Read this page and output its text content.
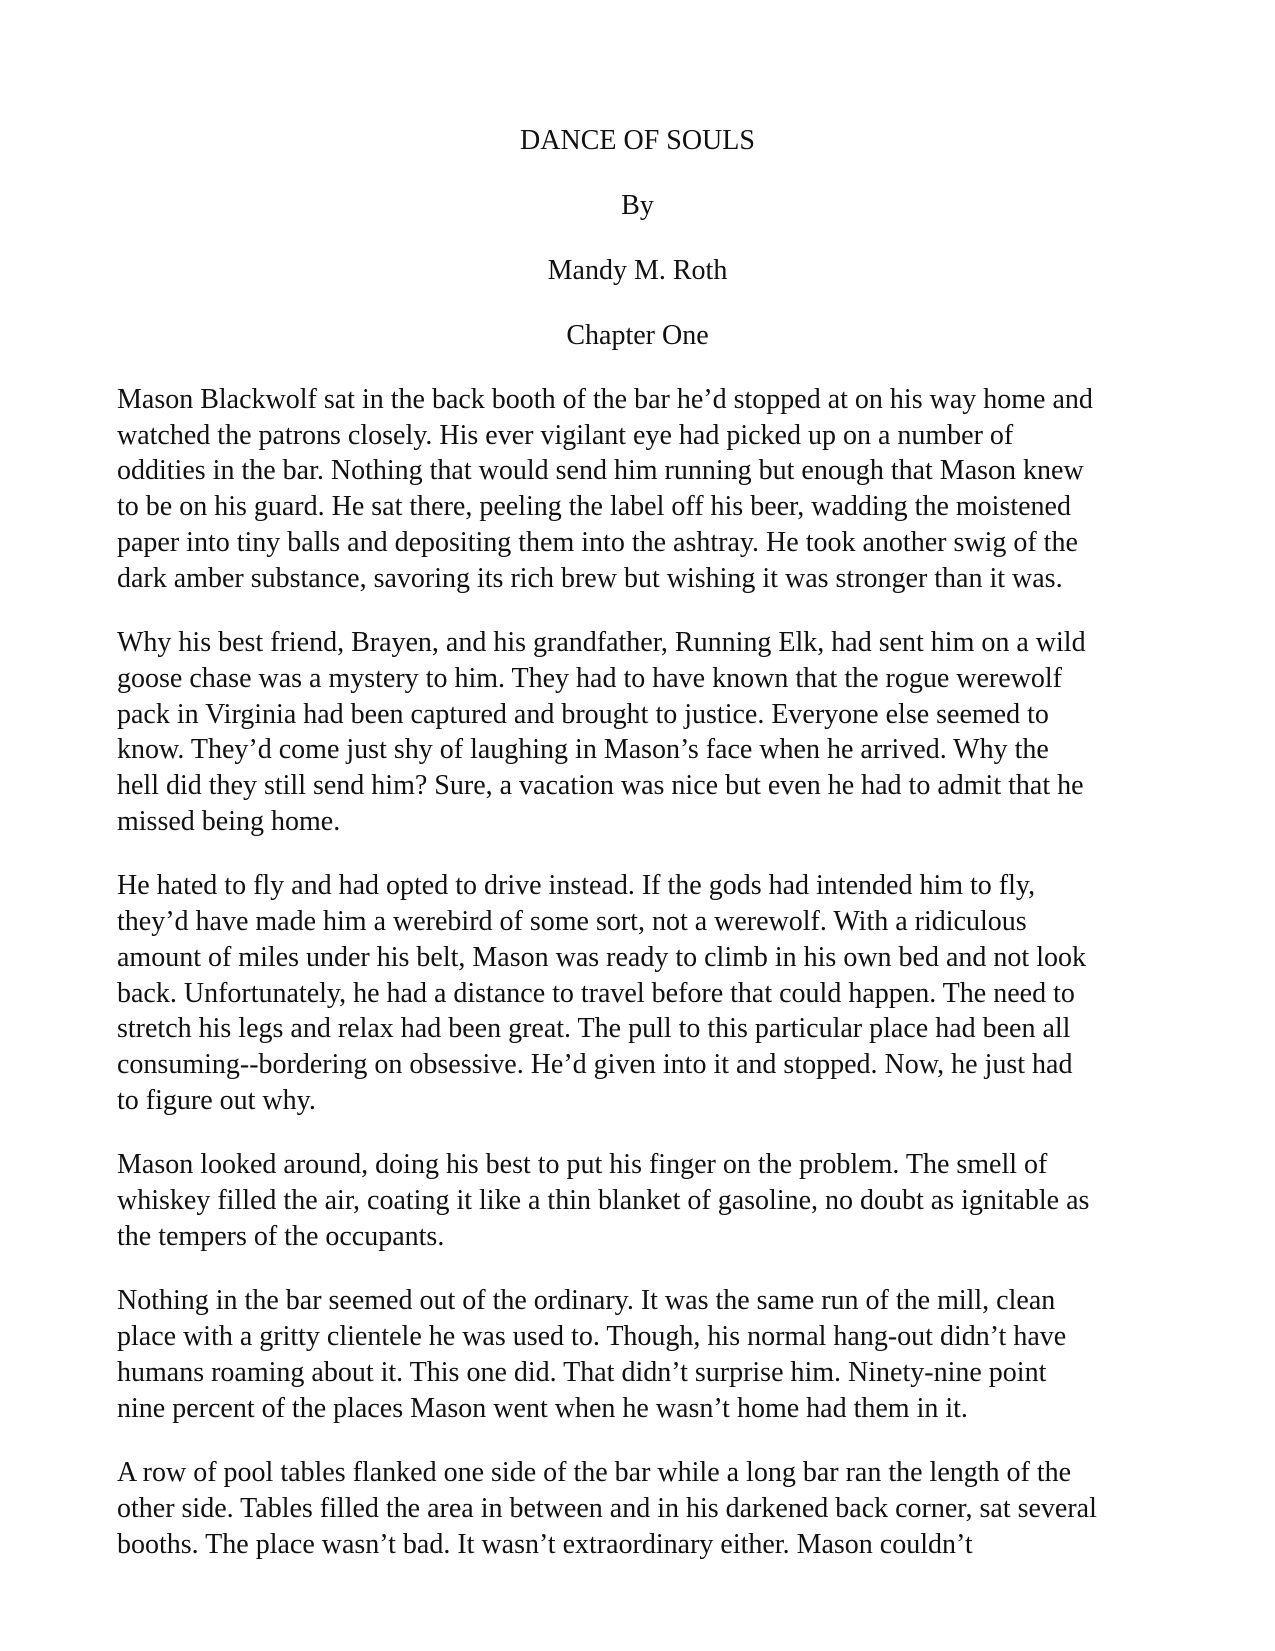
DANCE OF SOULS
By
Mandy M. Roth
Chapter One

Mason Blackwolf sat in the back booth of the bar he’d stopped at on his way home and
watched the patrons closely. His ever vigilant eye had picked up on a number of
oddities in the bar. Nothing that would send him running but enough that Mason knew
to be on his guard. He sat there, peeling the label off his beer, wadding the moistened
paper into tiny balls and depositing them into the ashtray. He took another swig of the
dark amber substance, savoring its rich brew but wishing it was stronger than it was.

Why his best friend, Brayen, and his grandfather, Running Elk, had sent him on a wild
goose chase was a mystery to him. They had to have known that the rogue werewolf
pack in Virginia had been captured and brought to justice. Everyone else seemed to
know. They’d come just shy of laughing in Mason’s face when he arrived. Why the
hell did they still send him? Sure, a vacation was nice but even he had to admit that he
missed being home.

He hated to fly and had opted to drive instead. If the gods had intended him to fly,
they’d have made him a werebird of some sort, not a werewolf. With a ridiculous
amount of miles under his belt, Mason was ready to climb in his own bed and not look
back. Unfortunately, he had a distance to travel before that could happen. The need to
stretch his legs and relax had been great. The pull to this particular place had been all
consuming--bordering on obsessive. He’d given into it and stopped. Now, he just had
to figure out why.

Mason looked around, doing his best to put his finger on the problem. The smell of
whiskey filled the air, coating it like a thin blanket of gasoline, no doubt as ignitable as
the tempers of the occupants.

Nothing in the bar seemed out of the ordinary. It was the same run of the mill, clean
place with a gritty clientele he was used to. Though, his normal hang-out didn’t have
humans roaming about it. This one did. That didn’t surprise him. Ninety-nine point
nine percent of the places Mason went when he wasn’t home had them in it.

A row of pool tables flanked one side of the bar while a long bar ran the length of the
other side. Tables filled the area in between and in his darkened back corner, sat several
booths. The place wasn’t bad. It wasn’t extraordinary either. Mason couldn’t
